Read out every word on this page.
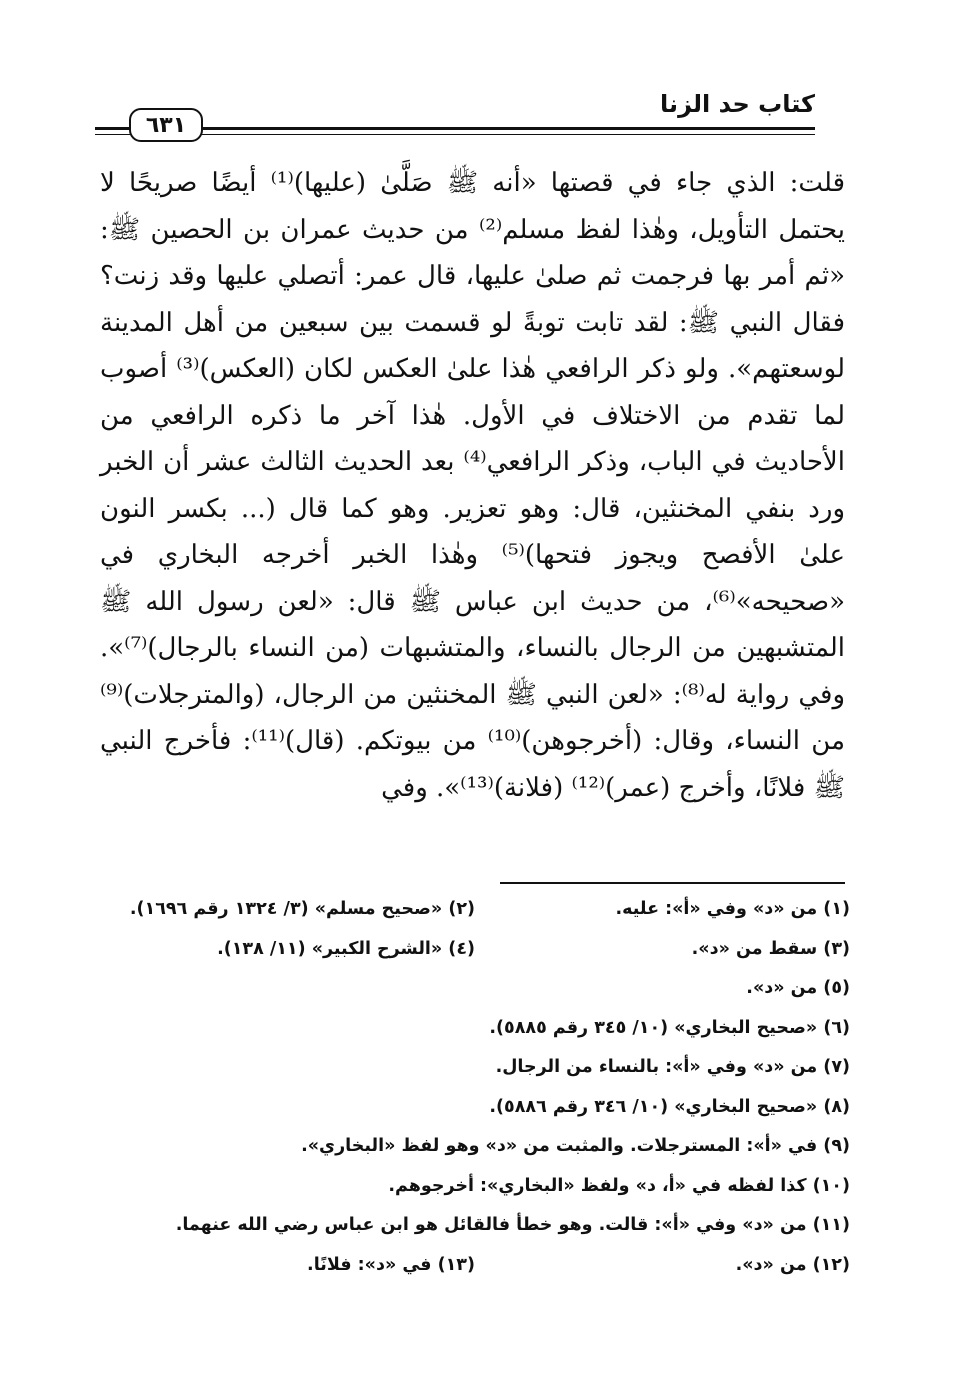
كتاب حد الزنا
٦٣١

قلت: الذي جاء في قصتها «أنه ﷺ صَلَّىٰ (عليها)⁽¹⁾ أيضًا صريحًا لا يحتمل التأويل، وهٰذا لفظ مسلم⁽²⁾ من حديث عمران بن الحصين ﷺ: «ثم أمر بها فرجمت ثم صلىٰ عليها، قال عمر: أتصلي عليها وقد زنت؟ فقال النبي ﷺ: لقد تابت توبةً لو قسمت بين سبعين من أهل المدينة لوسعتهم». ولو ذكر الرافعي هٰذا علىٰ العكس لكان (العكس)⁽³⁾ أصوب لما تقدم من الاختلاف في الأول. هٰذا آخر ما ذكره الرافعي من الأحاديث في الباب، وذكر الرافعي⁽⁴⁾ بعد الحديث الثالث عشر أن الخبر ورد بنفي المخنثين، قال: وهو تعزير. وهو كما قال (... بكسر النون علىٰ الأفصح ويجوز فتحها)⁽⁵⁾ وهٰذا الخبر أخرجه البخاري في «صحيحه»⁽⁶⁾، من حديث ابن عباس ﷺ قال: «لعن رسول الله ﷺ المتشبهين من الرجال بالنساء، والمتشبهات (من النساء بالرجال)⁽⁷⁾». وفي رواية له⁽⁸⁾: «لعن النبي ﷺ المخنثين من الرجال، (والمترجلات)⁽⁹⁾ من النساء، وقال: (أخرجوهن)⁽¹⁰⁾ من بيوتكم. (قال)⁽¹¹⁾: فأخرج النبي ﷺ فلانًا، وأخرج (عمر)⁽¹²⁾ (فلانة)⁽¹³⁾». وفي

(١) من «د» وفي «أ»: عليه.
(٢) «صحيح مسلم» (٣/ ١٣٢٤ رقم ١٦٩٦).
(٣) سقط من «د».
(٤) «الشرح الكبير» (١١/ ١٣٨).
(٥) من «د».
(٦) «صحيح البخاري» (١٠/ ٣٤٥ رقم ٥٨٨٥).
(٧) من «د» وفي «أ»: بالنساء من الرجال.
(٨) «صحيح البخاري» (١٠/ ٣٤٦ رقم ٥٨٨٦).
(٩) في «أ»: المسترجلات. والمثبت من «د» وهو لفظ «البخاري».
(١٠) كذا لفظه في «أ، د» ولفظ «البخاري»: أخرجوهم.
(١١) من «د» وفي «أ»: قالت. وهو خطأ فالقائل هو ابن عباس رضي الله عنهما.
(١٢) من «د».
(١٣) في «د»: فلانًا.
